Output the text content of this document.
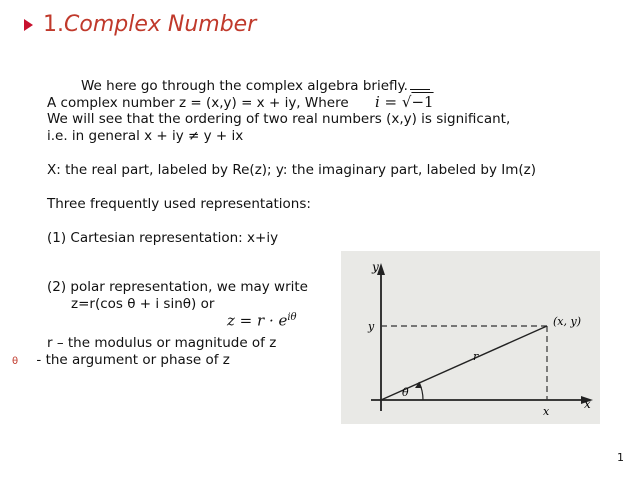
1.Complex Number
We here go through the complex algebra briefly.
A complex number z = (x,y) = x + iy, Where i = √−1
We will see that the ordering of two real numbers (x,y) is significant,
i.e. in general x + iy ≠ y + ix
X: the real part, labeled by Re(z); y: the imaginary part, labeled by Im(z)
Three frequently used representations:
(1) Cartesian representation: x+iy
(2) polar representation, we may write
z=r(cos θ + i sinθ) or
$z = r \cdot e^{i\theta}$
r – the modulus or magnitude of z
θ - the argument or phase of z
y
x
y
x
(x, y)
r
θ
1
